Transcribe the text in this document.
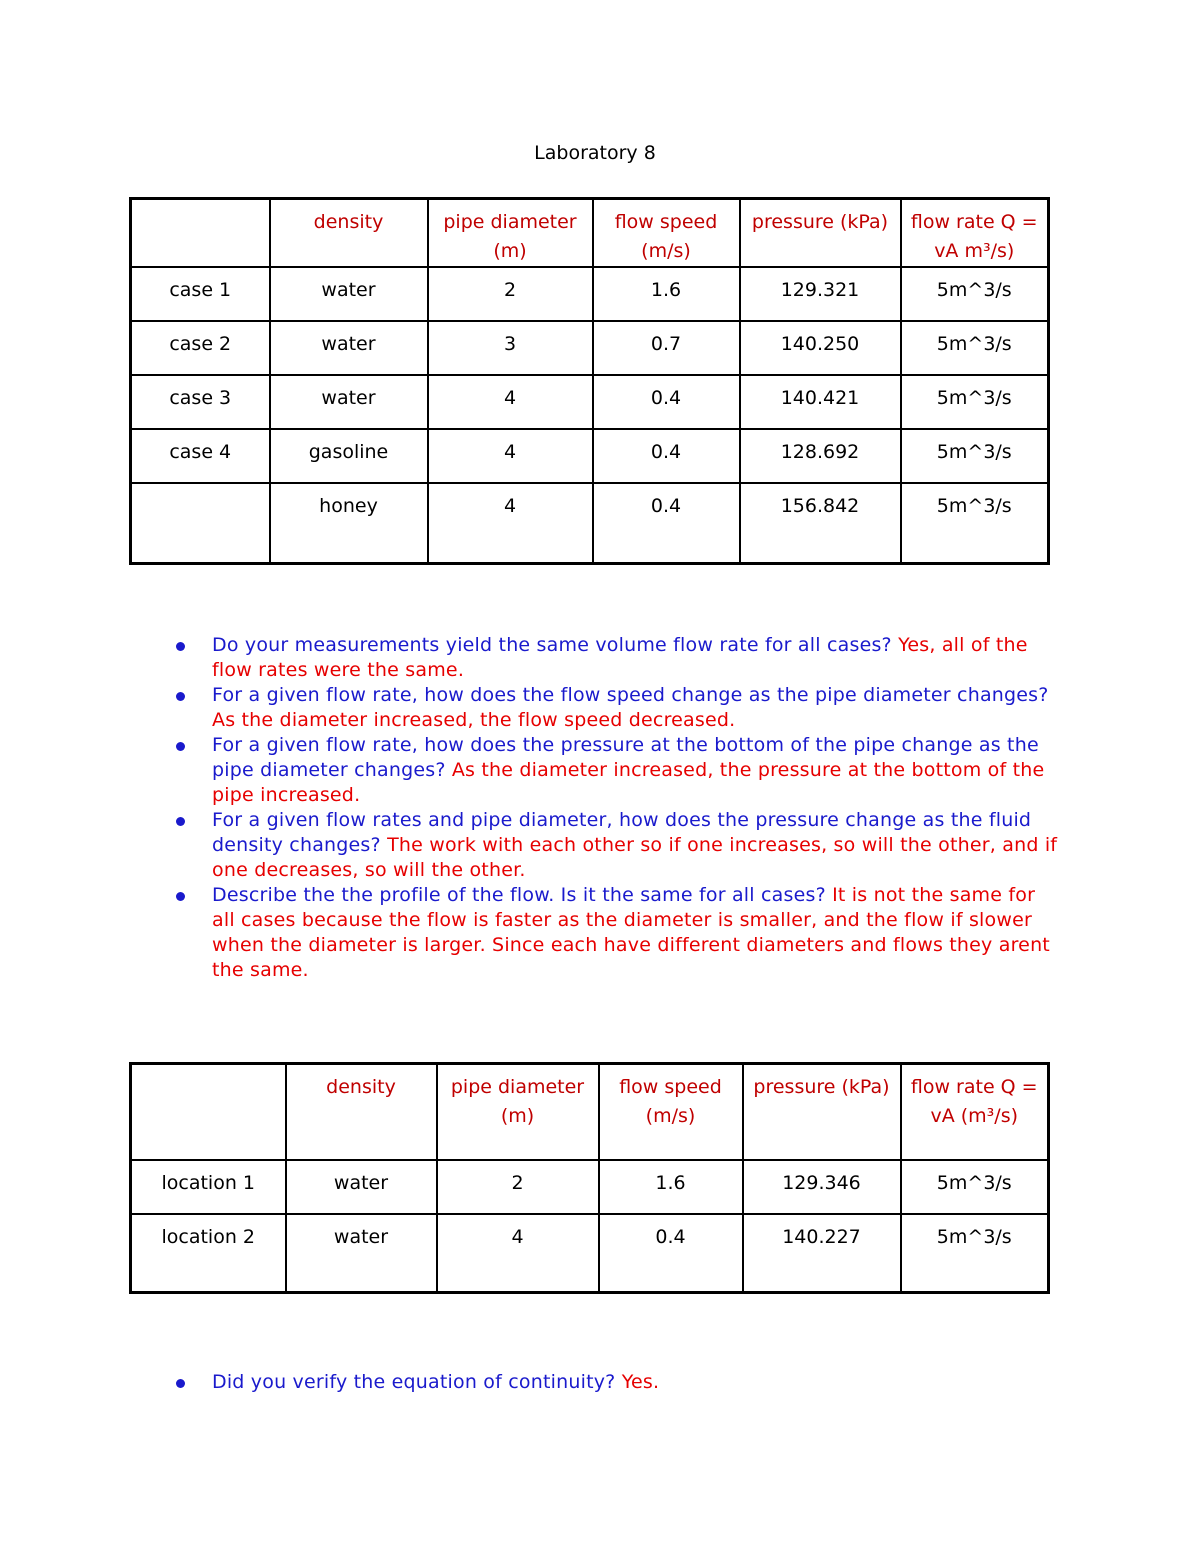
Laboratory 8
	density	pipe diameter (m)	flow speed (m/s)	pressure (kPa)	flow rate Q = vA m³/s)
case 1	water	2	1.6	129.321	5m^3/s
case 2	water	3	0.7	140.250	5m^3/s
case 3	water	4	0.4	140.421	5m^3/s
case 4	gasoline	4	0.4	128.692	5m^3/s
	honey	4	0.4	156.842	5m^3/s
Do your measurements yield the same volume flow rate for all cases? Yes, all of the flow rates were the same.
For a given flow rate, how does the flow speed change as the pipe diameter changes? As the diameter increased, the flow speed decreased.
For a given flow rate, how does the pressure at the bottom of the pipe change as the pipe diameter changes? As the diameter increased, the pressure at the bottom of the pipe increased.
For a given flow rates and pipe diameter, how does the pressure change as the fluid density changes? The work with each other so if one increases, so will the other, and if one decreases, so will the other.
Describe the the profile of the flow. Is it the same for all cases? It is not the same for all cases because the flow is faster as the diameter is smaller, and the flow if slower when the diameter is larger. Since each have different diameters and flows they arent the same.
	density	pipe diameter (m)	flow speed (m/s)	pressure (kPa)	flow rate Q = vA (m³/s)
location 1	water	2	1.6	129.346	5m^3/s
location 2	water	4	0.4	140.227	5m^3/s
Did you verify the equation of continuity? Yes.
